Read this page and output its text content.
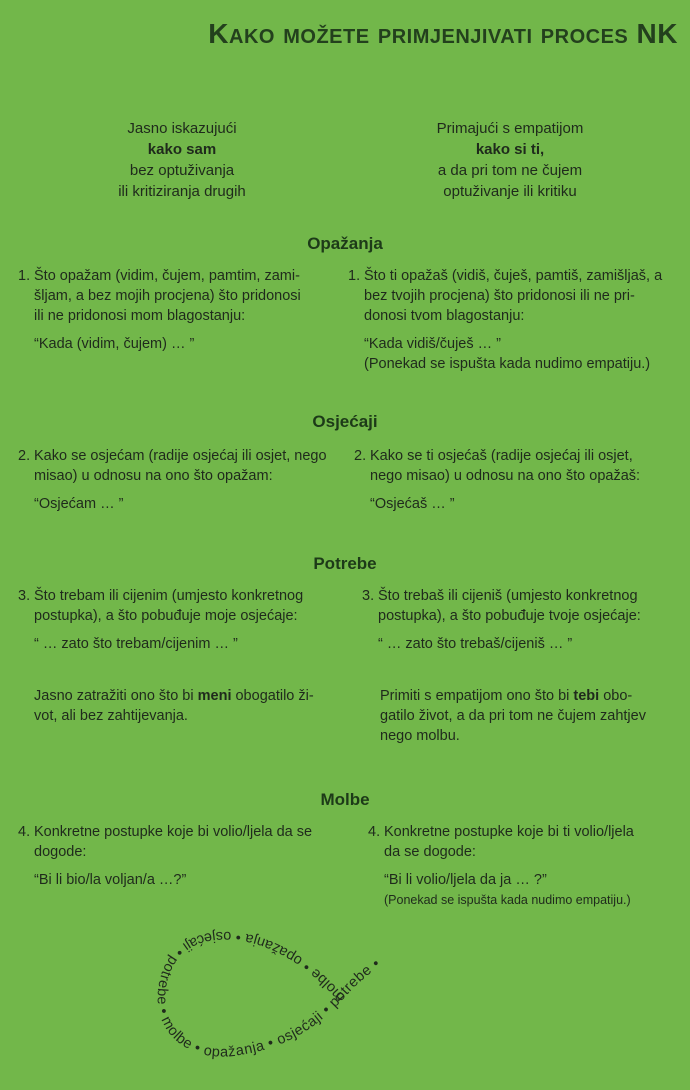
Kako možete primjenjivati proces NK
Jasno iskazujući
kako sam
bez optuživanja
ili kritiziranja drugih
Primajući s empatijom
kako si ti,
a da pri tom ne čujem
optuživanje ili kritiku
Opažanja
1. Što opažam (vidim, čujem, pamtim, zami-
šljam, a bez mojih procjena) što pridonosi
ili ne pridonosi mom blagostanju:
“Kada (vidim, čujem) … ”
1. Što ti opažaš (vidiš, čuješ, pamtiš, zamišljaš, a
bez tvojih procjena) što pridonosi ili ne pri-
donosi tvom blagostanju:
“Kada vidiš/čuješ … ”
(Ponekad se ispušta kada nudimo empatiju.)
Osjećaji
2. Kako se osjećam (radije osjećaj ili osjet, nego
misao) u odnosu na ono što opažam:
“Osjećam … ”
2. Kako se ti osjećaš (radije osjećaj ili osjet,
nego misao) u odnosu na ono što opažaš:
“Osjećaš … ”
Potrebe
3. Što trebam ili cijenim (umjesto konkretnog
postupka), a što pobuđuje moje osjećaje:
“ … zato što trebam/cijenim … ”
3. Što trebaš ili cijeniš (umjesto konkretnog
postupka), a što pobuđuje tvoje osjećaje:
“ … zato što trebaš/cijeniš … ”
Jasno zatražiti ono što bi meni obogatilo ži-
vot, ali bez zahtijevanja.
Primiti s empatijom ono što bi tebi obo-
gatilo život, a da pri tom ne čujem zahtjev
nego molbu.
Molbe
4. Konkretne postupke koje bi volio/ljela da se
dogode:
“Bi li bio/la voljan/a …?”
4. Konkretne postupke koje bi ti volio/ljela
da se dogode:
“Bi li volio/ljela da ja … ?”
(Ponekad se ispušta kada nudimo empatiju.)
molbe • opažanja • osjećaji • potrebe • molbe • opažanja • osjećaji • potrebe •
